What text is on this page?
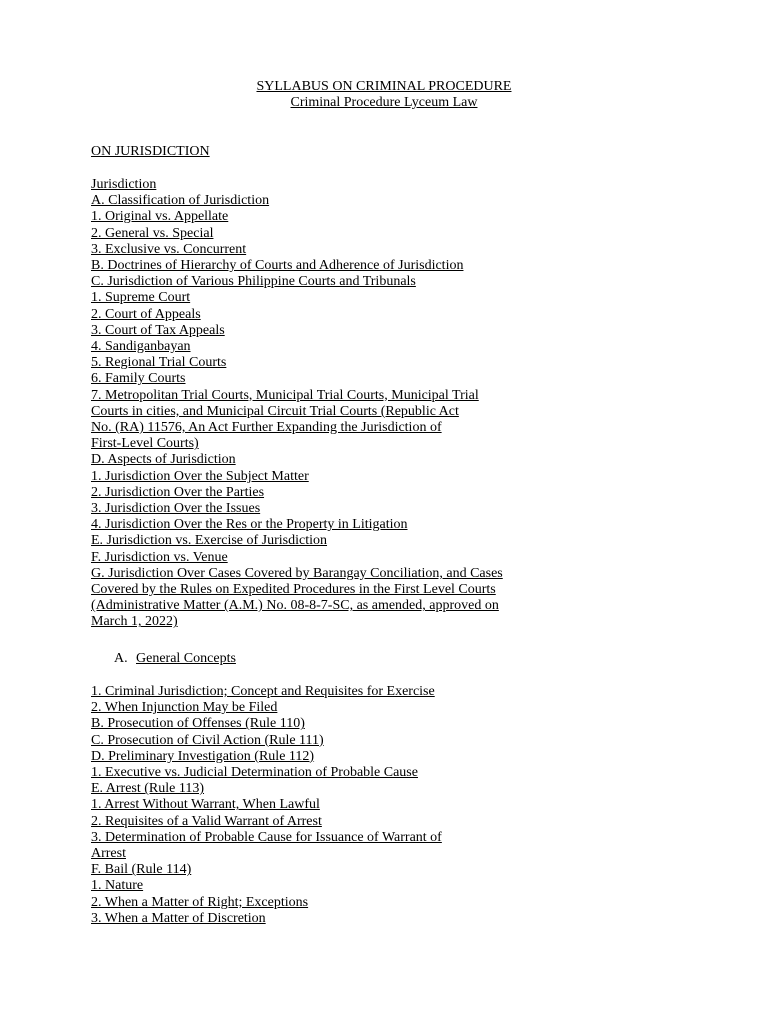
SYLLABUS ON CRIMINAL PROCEDURE
Criminal Procedure Lyceum Law
ON JURISDICTION
Jurisdiction
A. Classification of Jurisdiction
1. Original vs. Appellate
2. General vs. Special
3. Exclusive vs. Concurrent
B. Doctrines of Hierarchy of Courts and Adherence of Jurisdiction
C. Jurisdiction of Various Philippine Courts and Tribunals
1. Supreme Court
2. Court of Appeals
3. Court of Tax Appeals
4. Sandiganbayan
5. Regional Trial Courts
6. Family Courts
7. Metropolitan Trial Courts, Municipal Trial Courts, Municipal Trial
Courts in cities, and Municipal Circuit Trial Courts (Republic Act
No. (RA) 11576, An Act Further Expanding the Jurisdiction of
First-Level Courts)
D. Aspects of Jurisdiction
1. Jurisdiction Over the Subject Matter
2. Jurisdiction Over the Parties
3. Jurisdiction Over the Issues
4. Jurisdiction Over the Res or the Property in Litigation
E. Jurisdiction vs. Exercise of Jurisdiction
F. Jurisdiction vs. Venue
G. Jurisdiction Over Cases Covered by Barangay Conciliation, and Cases
Covered by the Rules on Expedited Procedures in the First Level Courts
(Administrative Matter (A.M.) No. 08-8-7-SC, as amended, approved on
March 1, 2022)
A. General Concepts
1. Criminal Jurisdiction; Concept and Requisites for Exercise
2. When Injunction May be Filed
B. Prosecution of Offenses (Rule 110)
C. Prosecution of Civil Action (Rule 111)
D. Preliminary Investigation (Rule 112)
1. Executive vs. Judicial Determination of Probable Cause
E. Arrest (Rule 113)
1. Arrest Without Warrant, When Lawful
2. Requisites of a Valid Warrant of Arrest
3. Determination of Probable Cause for Issuance of Warrant of
Arrest
F. Bail (Rule 114)
1. Nature
2. When a Matter of Right; Exceptions
3. When a Matter of Discretion
